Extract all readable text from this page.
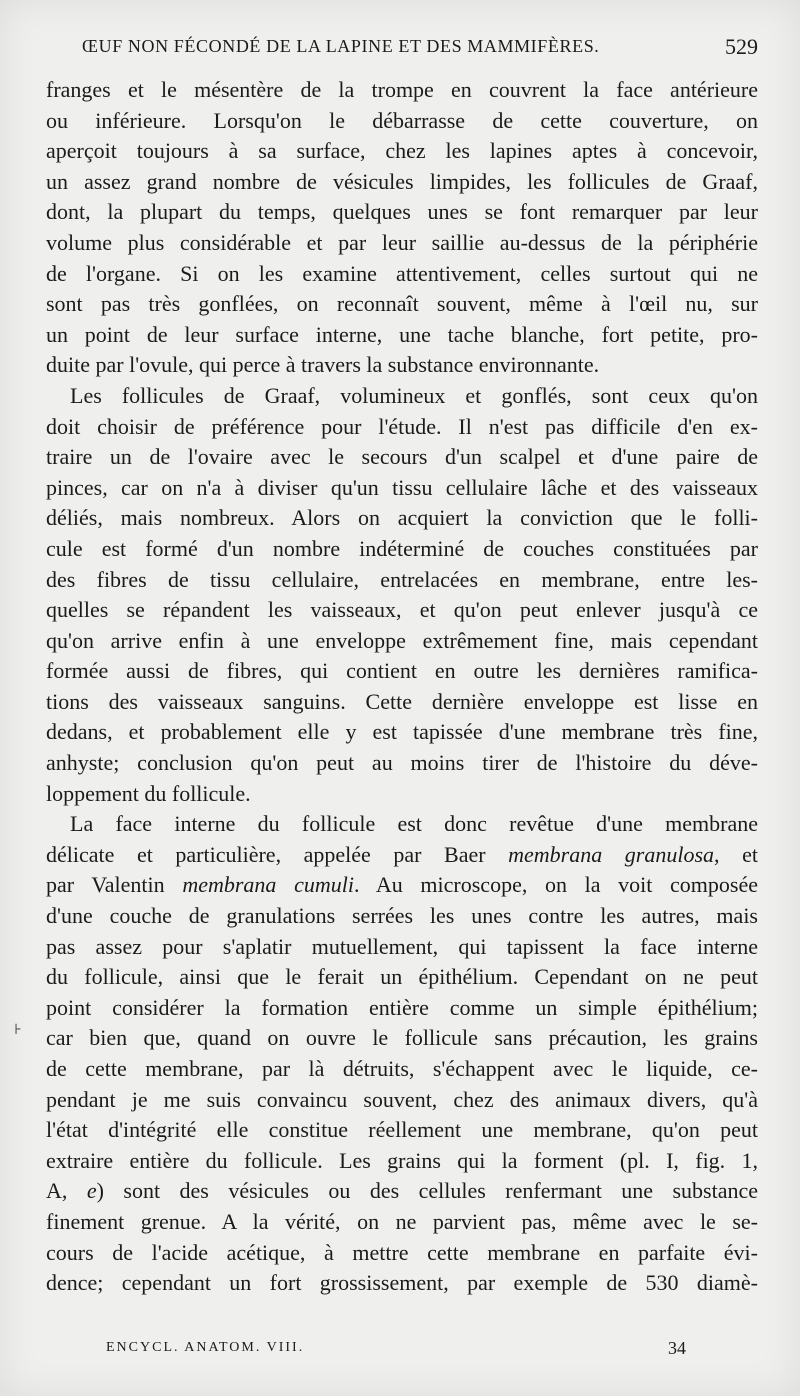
ŒUF NON FÉCONDÉ DE LA LAPINE ET DES MAMMIFÈRES.	529
⊦
franges et le mésentère de la trompe en couvrent la face antérieure
ou inférieure. Lorsqu'on le débarrasse de cette couverture, on
aperçoit toujours à sa surface, chez les lapines aptes à concevoir,
un assez grand nombre de vésicules limpides, les follicules de Graaf,
dont, la plupart du temps, quelques unes se font remarquer par leur
volume plus considérable et par leur saillie au-dessus de la périphérie
de l'organe. Si on les examine attentivement, celles surtout qui ne
sont pas très gonflées, on reconnaît souvent, même à l'œil nu, sur
un point de leur surface interne, une tache blanche, fort petite, pro-
duite par l'ovule, qui perce à travers la substance environnante.
Les follicules de Graaf, volumineux et gonflés, sont ceux qu'on
doit choisir de préférence pour l'étude. Il n'est pas difficile d'en ex-
traire un de l'ovaire avec le secours d'un scalpel et d'une paire de
pinces, car on n'a à diviser qu'un tissu cellulaire lâche et des vaisseaux
déliés, mais nombreux. Alors on acquiert la conviction que le folli-
cule est formé d'un nombre indéterminé de couches constituées par
des fibres de tissu cellulaire, entrelacées en membrane, entre les-
quelles se répandent les vaisseaux, et qu'on peut enlever jusqu'à ce
qu'on arrive enfin à une enveloppe extrêmement fine, mais cependant
formée aussi de fibres, qui contient en outre les dernières ramifica-
tions des vaisseaux sanguins. Cette dernière enveloppe est lisse en
dedans, et probablement elle y est tapissée d'une membrane très fine,
anhyste; conclusion qu'on peut au moins tirer de l'histoire du déve-
loppement du follicule.
La face interne du follicule est donc revêtue d'une membrane
délicate et particulière, appelée par Baer membrana granulosa, et
par Valentin membrana cumuli. Au microscope, on la voit composée
d'une couche de granulations serrées les unes contre les autres, mais
pas assez pour s'aplatir mutuellement, qui tapissent la face interne
du follicule, ainsi que le ferait un épithélium. Cependant on ne peut
point considérer la formation entière comme un simple épithélium;
car bien que, quand on ouvre le follicule sans précaution, les grains
de cette membrane, par là détruits, s'échappent avec le liquide, ce-
pendant je me suis convaincu souvent, chez des animaux divers, qu'à
l'état d'intégrité elle constitue réellement une membrane, qu'on peut
extraire entière du follicule. Les grains qui la forment (pl. I, fig. 1,
A, e) sont des vésicules ou des cellules renfermant une substance
finement grenue. A la vérité, on ne parvient pas, même avec le se-
cours de l'acide acétique, à mettre cette membrane en parfaite évi-
dence; cependant un fort grossissement, par exemple de 530 diamè-
ENCYCL. ANATOM. VIII.	34
